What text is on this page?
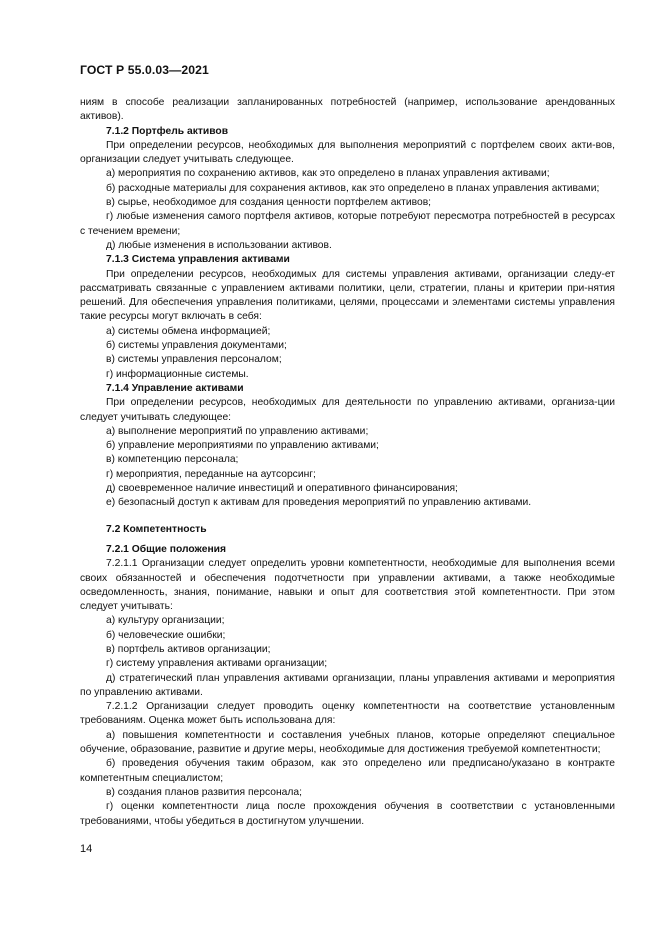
ГОСТ Р 55.0.03—2021

ниям в способе реализации запланированных потребностей (например, использование арендованных активов).

7.1.2 Портфель активов

При определении ресурсов, необходимых для выполнения мероприятий с портфелем своих акти-вов, организации следует учитывать следующее.

а) мероприятия по сохранению активов, как это определено в планах управления активами;

б) расходные материалы для сохранения активов, как это определено в планах управления активами;

в) сырье, необходимое для создания ценности портфелем активов;

г) любые изменения самого портфеля активов, которые потребуют пересмотра потребностей в ресурсах с течением времени;

д) любые изменения в использовании активов.

7.1.3 Система управления активами

При определении ресурсов, необходимых для системы управления активами, организации следу-ет рассматривать связанные с управлением активами политики, цели, стратегии, планы и критерии при-нятия решений. Для обеспечения управления политиками, целями, процессами и элементами системы управления такие ресурсы могут включать в себя:

а) системы обмена информацией;

б) системы управления документами;

в) системы управления персоналом;

г) информационные системы.

7.1.4 Управление активами

При определении ресурсов, необходимых для деятельности по управлению активами, организа-ции следует учитывать следующее:

а) выполнение мероприятий по управлению активами;

б) управление мероприятиями по управлению активами;

в) компетенцию персонала;

г) мероприятия, переданные на аутсорсинг;

д) своевременное наличие инвестиций и оперативного финансирования;

е) безопасный доступ к активам для проведения мероприятий по управлению активами.

7.2 Компетентность

7.2.1 Общие положения

7.2.1.1 Организации следует определить уровни компетентности, необходимые для выполнения всеми своих обязанностей и обеспечения подотчетности при управлении активами, а также необходимые осведомленность, знания, понимание, навыки и опыт для соответствия этой компетентности. При этом следует учитывать:

а) культуру организации;

б) человеческие ошибки;

в) портфель активов организации;

г) систему управления активами организации;

д) стратегический план управления активами организации, планы управления активами и мероприятия по управлению активами.

7.2.1.2 Организации следует проводить оценку компетентности на соответствие установленным требованиям. Оценка может быть использована для:

а) повышения компетентности и составления учебных планов, которые определяют специальное обучение, образование, развитие и другие меры, необходимые для достижения требуемой компетентности;

б) проведения обучения таким образом, как это определено или предписано/указано в контракте компетентным специалистом;

в) создания планов развития персонала;

г) оценки компетентности лица после прохождения обучения в соответствии с установленными требованиями, чтобы убедиться в достигнутом улучшении.

14
